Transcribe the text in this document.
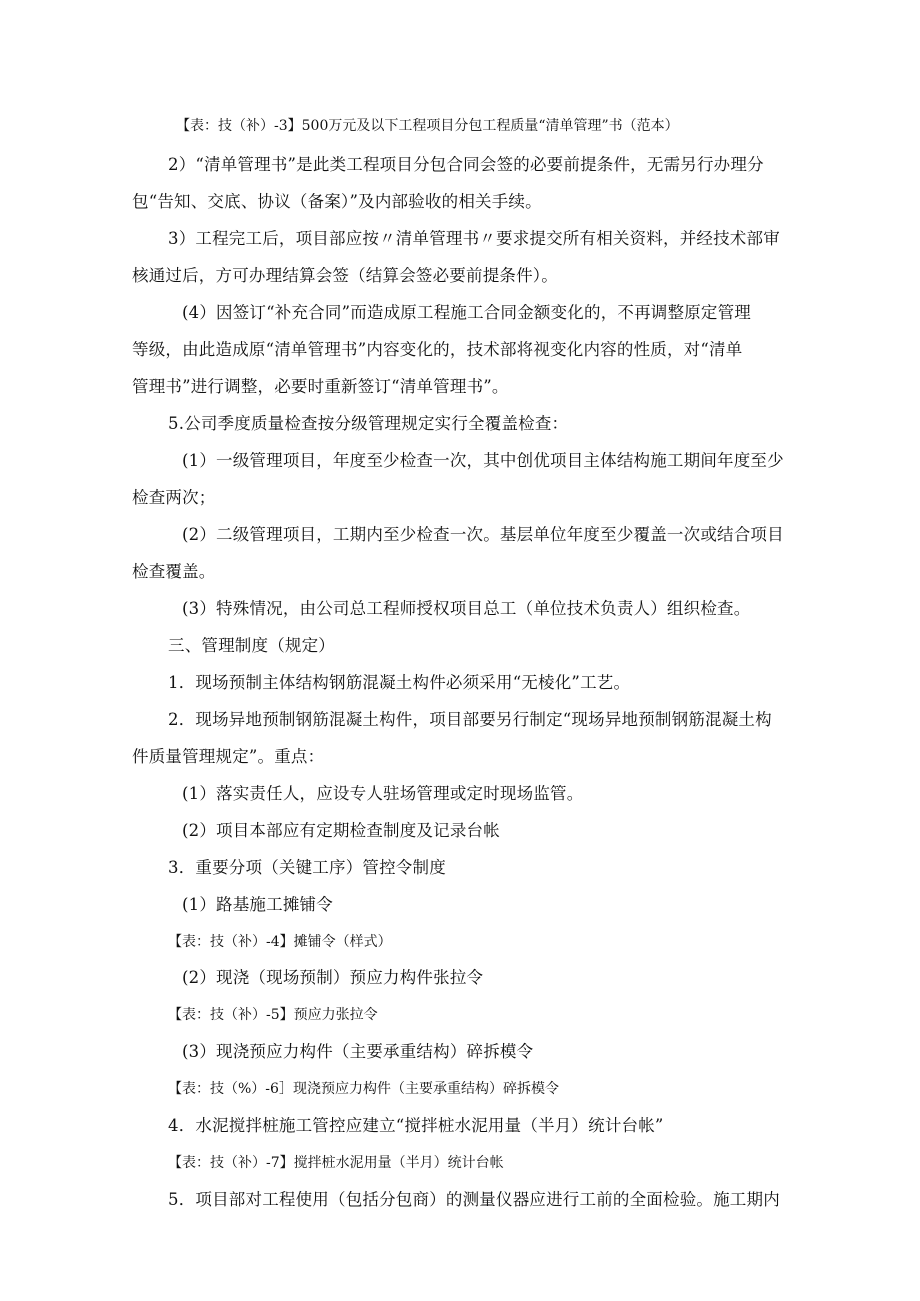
【表：技（补）-3】500万元及以下工程项目分包工程质量“清单管理”书（范本）
2）“清单管理书”是此类工程项目分包合同会签的必要前提条件，无需另行办理分
包“告知、交底、协议（备案）”及内部验收的相关手续。
3）工程完工后，项目部应按〃清单管理书〃要求提交所有相关资料，并经技术部审
核通过后，方可办理结算会签（结算会签必要前提条件）。
(4）因签订“补充合同”而造成原工程施工合同金额变化的，不再调整原定管理
等级，由此造成原“清单管理书”内容变化的，技术部将视变化内容的性质，对“清单
管理书”进行调整，必要时重新签订“清单管理书”。
5.公司季度质量检查按分级管理规定实行全覆盖检查：
(1）一级管理项目，年度至少检查一次，其中创优项目主体结构施工期间年度至少
检查两次；
(2）二级管理项目，工期内至少检查一次。基层单位年度至少覆盖一次或结合项目
检查覆盖。
(3）特殊情况，由公司总工程师授权项目总工（单位技术负责人）组织检查。
三、管理制度（规定）
1．现场预制主体结构钢筋混凝土构件必须采用“无棱化”工艺。
2．现场异地预制钢筋混凝土构件，项目部要另行制定“现场异地预制钢筋混凝土构
件质量管理规定”。重点：
(1）落实责任人，应设专人驻场管理或定时现场监管。
(2）项目本部应有定期检查制度及记录台帐
3．重要分项（关键工序）管控令制度
(1）路基施工摊铺令
【表：技（补）-4】摊铺令（样式）
(2）现浇（现场预制）预应力构件张拉令
【表：技（补）-5】预应力张拉令
(3）现浇预应力构件（主要承重结构）碎拆模令
【表：技（%）-6］现浇预应力构件（主要承重结构）碎拆模令
4．水泥搅拌桩施工管控应建立“搅拌桩水泥用量（半月）统计台帐”
【表：技（补）-7】搅拌桩水泥用量（半月）统计台帐
5．项目部对工程使用（包括分包商）的测量仪器应进行工前的全面检验。施工期内
